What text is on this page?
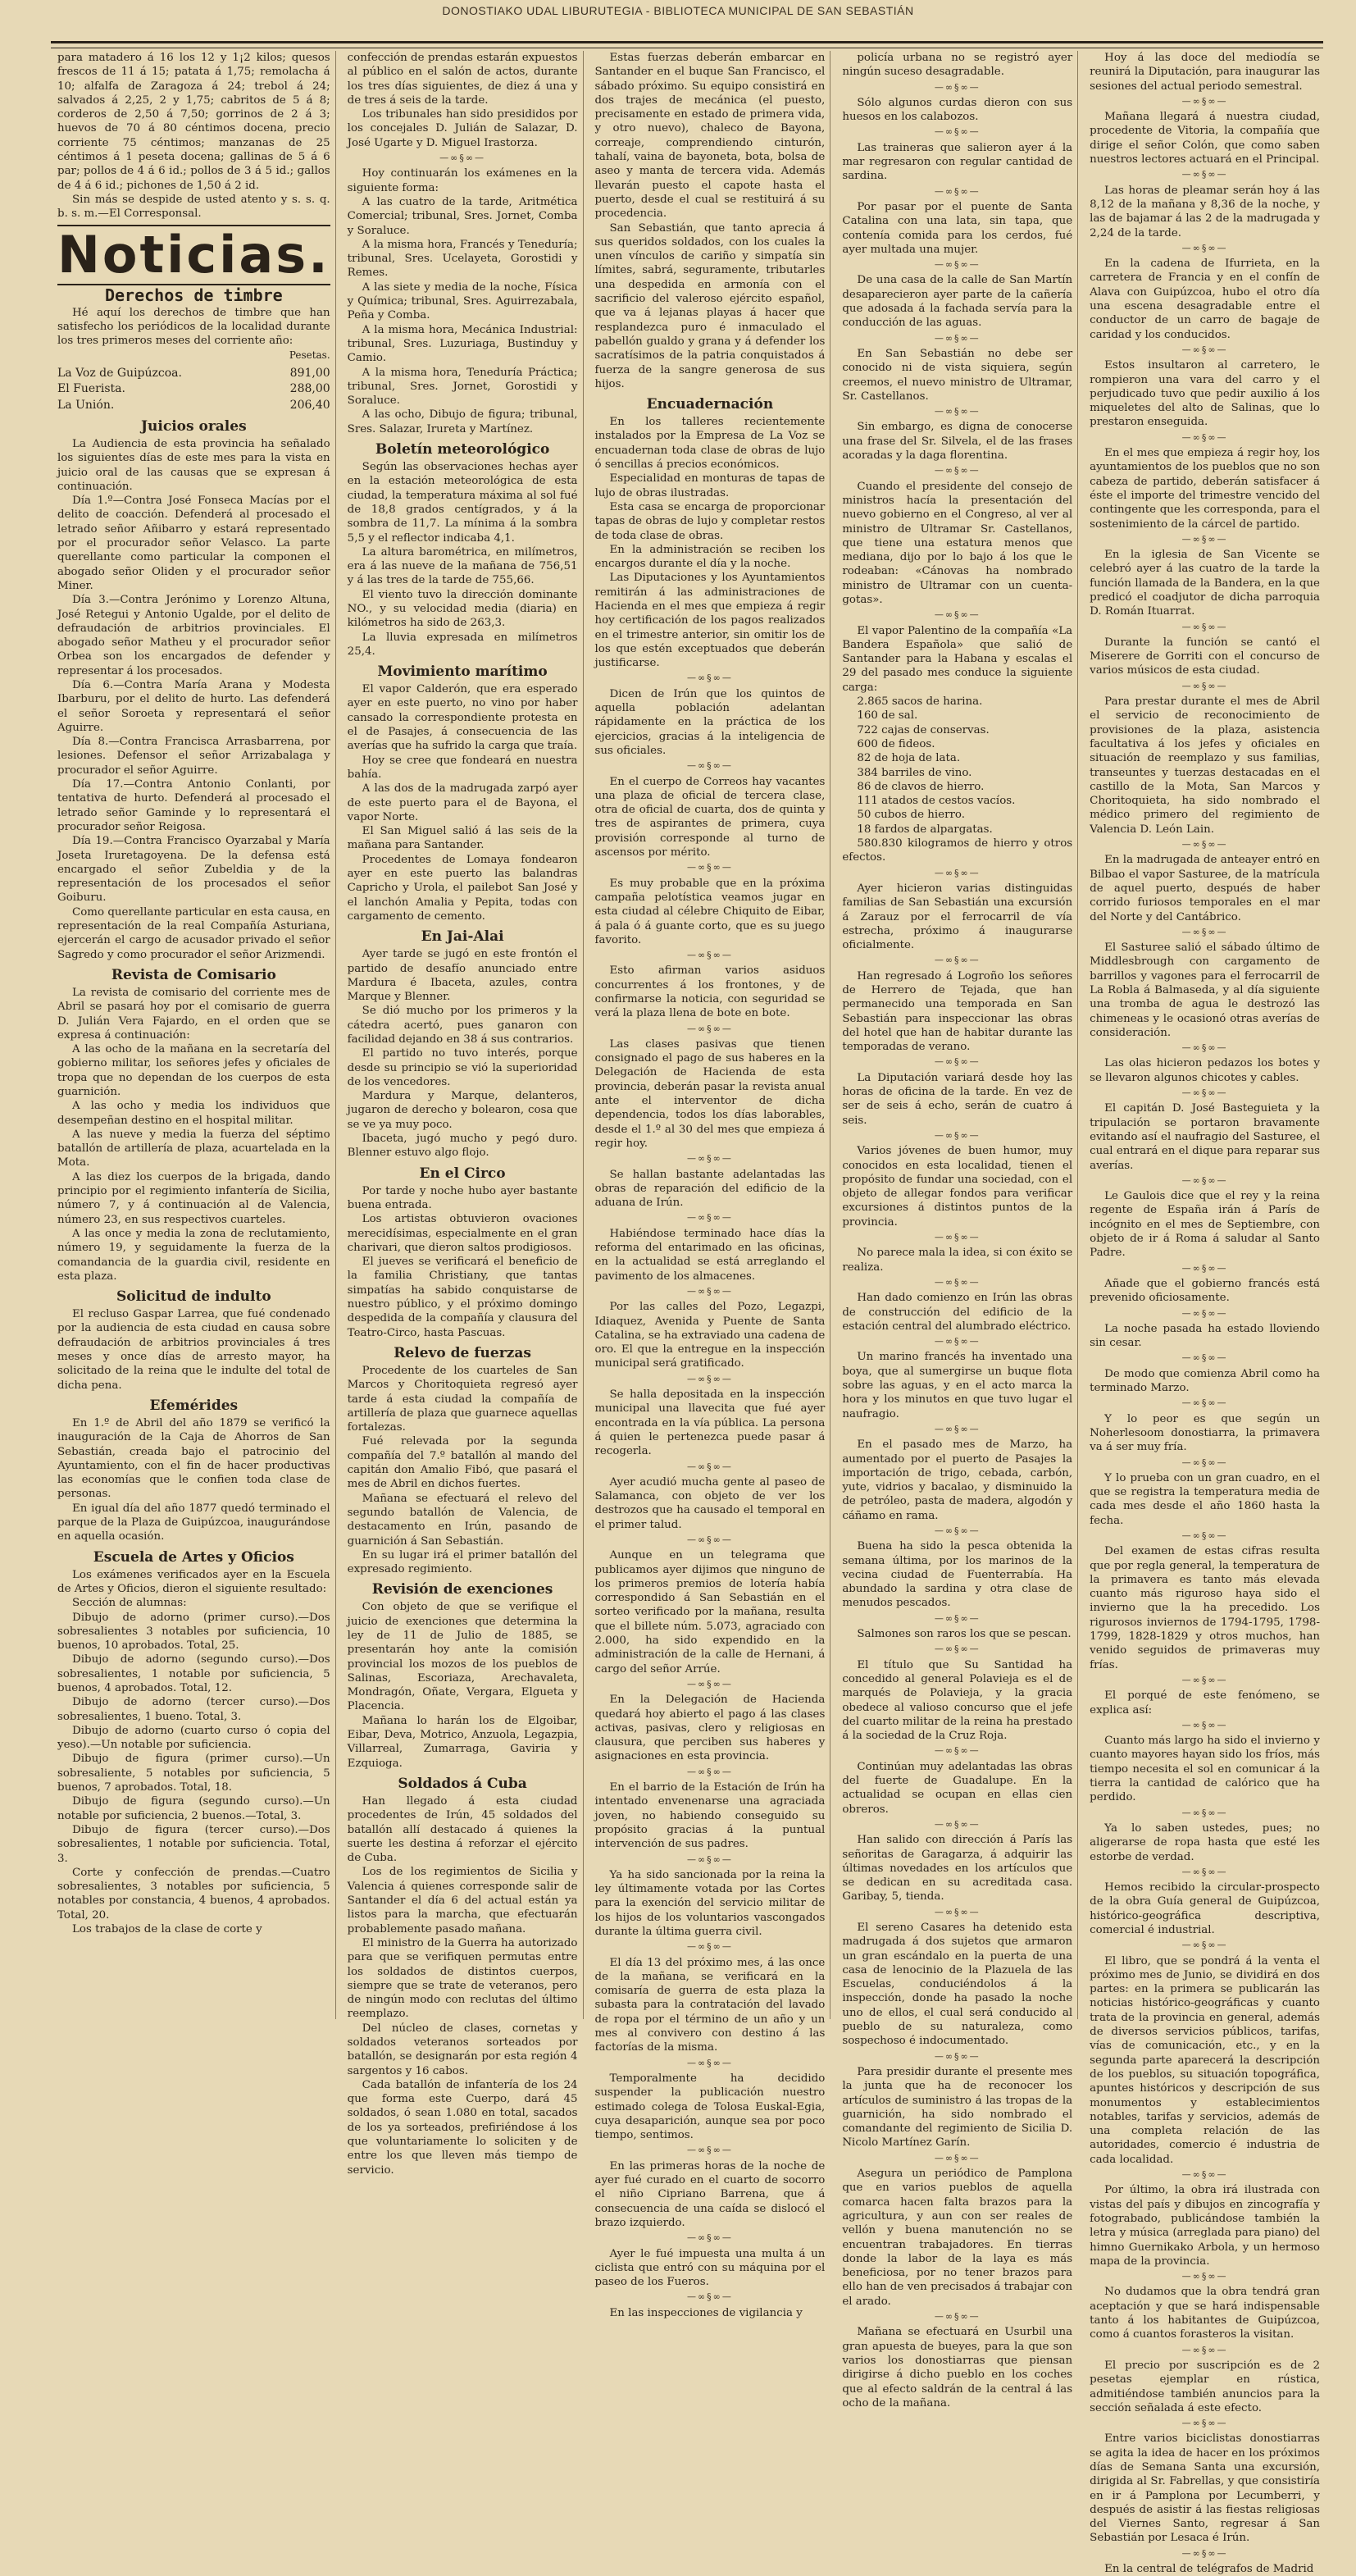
DONOSTIAKO UDAL LIBURUTEGIA - BIBLIOTECA MUNICIPAL DE SAN SEBASTIÁN

para matadero á 16 los 12 y 1¡2 kilos; quesos frescos de 11 á 15; patata á 1,75; remolacha á 10; alfalfa de Zaragoza á 24; trebol á 24; salvados á 2,25, 2 y 1,75; cabritos de 5 á 8; corderos de 2,50 á 7,50; gorrinos de 2 á 3; huevos de 70 á 80 céntimos docena, precio corriente 75 céntimos; manzanas de 25 céntimos á 1 peseta docena; gallinas de 5 á 6 par; pollos de 4 á 6 id.; pollos de 3 á 5 id.; gallos de 4 á 6 id.; pichones de 1,50 á 2 id.

Sin más se despide de usted atento y s. s. q. b. s. m.—El Corresponsal.

Noticias.
Derechos de timbre

Hé aquí los derechos de timbre que han satisfecho los periódicos de la localidad durante los tres primeros meses del corriente año:

Pesetas.
La Voz de Guipúzcoa.	891,00
El Fuerista.	288,00
La Unión.	206,40
Juicios orales

La Audiencia de esta provincia ha señalado los siguientes días de este mes para la vista en juicio oral de las causas que se expresan á continuación.

Día 1.º—Contra José Fonseca Macías por el delito de coacción. Defenderá al procesado el letrado señor Añibarro y estará representado por el procurador señor Velasco. La parte querellante como particular la componen el abogado señor Oliden y el procurador señor Miner.

Día 3.—Contra Jerónimo y Lorenzo Altuna, José Retegui y Antonio Ugalde, por el delito de defraudación de arbitrios provinciales. El abogado señor Matheu y el procurador señor Orbea son los encargados de defender y representar á los procesados.

Día 6.—Contra María Arana y Modesta Ibarburu, por el delito de hurto. Las defenderá el señor Soroeta y representará el señor Aguirre.

Día 8.—Contra Francisca Arrasbarrena, por lesiones. Defensor el señor Arrizabalaga y procurador el señor Aguirre.

Día 17.—Contra Antonio Conlanti, por tentativa de hurto. Defenderá al procesado el letrado señor Gaminde y lo representará el procurador señor Reigosa.

Día 19.—Contra Francisco Oyarzabal y María Joseta Iruretagoyena. De la defensa está encargado el señor Zubeldia y de la representación de los procesados el señor Goiburu.

Como querellante particular en esta causa, en representación de la real Compañía Asturiana, ejercerán el cargo de acusador privado el señor Sagredo y como procurador el señor Arizmendi.

Revista de Comisario

La revista de comisario del corriente mes de Abril se pasará hoy por el comisario de guerra D. Julián Vera Fajardo, en el orden que se expresa á continuación:

A las ocho de la mañana en la secretaría del gobierno militar, los señores jefes y oficiales de tropa que no dependan de los cuerpos de esta guarnición.

A las ocho y media los individuos que desempeñan destino en el hospital militar.

A las nueve y media la fuerza del séptimo batallón de artillería de plaza, acuartelada en la Mota.

A las diez los cuerpos de la brigada, dando principio por el regimiento infantería de Sicilia, número 7, y á continuación al de Valencia, número 23, en sus respectivos cuarteles.

A las once y media la zona de reclutamiento, número 19, y seguidamente la fuerza de la comandancia de la guardia civil, residente en esta plaza.

Solicitud de indulto

El recluso Gaspar Larrea, que fué condenado por la audiencia de esta ciudad en causa sobre defraudación de arbitrios provinciales á tres meses y once días de arresto mayor, ha solicitado de la reina que le indulte del total de dicha pena.

Efemérides

En 1.º de Abril del año 1879 se verificó la inauguración de la Caja de Ahorros de San Sebastián, creada bajo el patrocinio del Ayuntamiento, con el fin de hacer productivas las economías que le confien toda clase de personas.

En igual día del año 1877 quedó terminado el parque de la Plaza de Guipúzcoa, inaugurándose en aquella ocasión.

Escuela de Artes y Oficios

Los exámenes verificados ayer en la Escuela de Artes y Oficios, dieron el siguiente resultado:

Sección de alumnas:

Dibujo de adorno (primer curso).—Dos sobresalientes 3 notables por suficiencia, 10 buenos, 10 aprobados. Total, 25.

Dibujo de adorno (segundo curso).—Dos sobresalientes, 1 notable por suficiencia, 5 buenos, 4 aprobados. Total, 12.

Dibujo de adorno (tercer curso).—Dos sobresalientes, 1 bueno. Total, 3.

Dibujo de adorno (cuarto curso ó copia del yeso).—Un notable por suficiencia.

Dibujo de figura (primer curso).—Un sobresaliente, 5 notables por suficiencia, 5 buenos, 7 aprobados. Total, 18.

Dibujo de figura (segundo curso).—Un notable por suficiencia, 2 buenos.—Total, 3.

Dibujo de figura (tercer curso).—Dos sobresalientes, 1 notable por suficiencia. Total, 3.

Corte y confección de prendas.—Cuatro sobresalientes, 3 notables por suficiencia, 5 notables por constancia, 4 buenos, 4 aprobados. Total, 20.

Los trabajos de la clase de corte y

confección de prendas estarán expuestos al público en el salón de actos, durante los tres días siguientes, de diez á una y de tres á seis de la tarde.

Los tribunales han sido presididos por los concejales D. Julián de Salazar, D. José Ugarte y D. Miguel Irastorza.

—∞§∞—

Hoy continuarán los exámenes en la siguiente forma:

A las cuatro de la tarde, Aritmética Comercial; tribunal, Sres. Jornet, Comba y Soraluce.

A la misma hora, Francés y Teneduría; tribunal, Sres. Ucelayeta, Gorostidi y Remes.

A las siete y media de la noche, Física y Química; tribunal, Sres. Aguirrezabala, Peña y Comba.

A la misma hora, Mecánica Industrial: tribunal, Sres. Luzuriaga, Bustinduy y Camio.

A la misma hora, Teneduría Práctica; tribunal, Sres. Jornet, Gorostidi y Soraluce.

A las ocho, Dibujo de figura; tribunal, Sres. Salazar, Irureta y Martínez.

Boletín meteorológico

Según las observaciones hechas ayer en la estación meteorológica de esta ciudad, la temperatura máxima al sol fué de 18,8 grados centígrados, y á la sombra de 11,7. La mínima á la sombra 5,5 y el reflector indicaba 4,1.

La altura barométrica, en milímetros, era á las nueve de la mañana de 756,51 y á las tres de la tarde de 755,66.

El viento tuvo la dirección dominante NO., y su velocidad media (diaria) en kilómetros ha sido de 263,3.

La lluvia expresada en milímetros 25,4.

Movimiento marítimo

El vapor Calderón, que era esperado ayer en este puerto, no vino por haber cansado la correspondiente protesta en el de Pasajes, á consecuencia de las averías que ha sufrido la carga que traía.

Hoy se cree que fondeará en nuestra bahía.

A las dos de la madrugada zarpó ayer de este puerto para el de Bayona, el vapor Norte.

El San Miguel salió á las seis de la mañana para Santander.

Procedentes de Lomaya fondearon ayer en este puerto las balandras Capricho y Urola, el pailebot San José y el lanchón Amalia y Pepita, todas con cargamento de cemento.

En Jai-Alai

Ayer tarde se jugó en este frontón el partido de desafío anunciado entre Mardura é Ibaceta, azules, contra Marque y Blenner.

Se dió mucho por los primeros y la cátedra acertó, pues ganaron con facilidad dejando en 38 á sus contrarios.

El partido no tuvo interés, porque desde su principio se vió la superioridad de los vencedores.

Mardura y Marque, delanteros, jugaron de derecho y bolearon, cosa que se ve ya muy poco.

Ibaceta, jugó mucho y pegó duro. Blenner estuvo algo flojo.

En el Circo

Por tarde y noche hubo ayer bastante buena entrada.

Los artistas obtuvieron ovaciones merecidísimas, especialmente en el gran charivari, que dieron saltos prodigiosos.

El jueves se verificará el beneficio de la familia Christiany, que tantas simpatías ha sabido conquistarse de nuestro público, y el próximo domingo despedida de la compañía y clausura del Teatro-Circo, hasta Pascuas.

Relevo de fuerzas

Procedente de los cuarteles de San Marcos y Choritoquieta regresó ayer tarde á esta ciudad la compañía de artillería de plaza que guarnece aquellas fortalezas.

Fué relevada por la segunda compañía del 7.º batallón al mando del capitán don Amalio Fibó, que pasará el mes de Abril en dichos fuertes.

Mañana se efectuará el relevo del segundo batallón de Valencia, de destacamento en Irún, pasando de guarnición á San Sebastián.

En su lugar irá el primer batallón del expresado regimiento.

Revisión de exenciones

Con objeto de que se verifique el juicio de exenciones que determina la ley de 11 de Julio de 1885, se presentarán hoy ante la comisión provincial los mozos de los pueblos de Salinas, Escoriaza, Arechavaleta, Mondragón, Oñate, Vergara, Elgueta y Placencia.

Mañana lo harán los de Elgoibar, Eibar, Deva, Motrico, Anzuola, Legazpia, Villarreal, Zumarraga, Gaviria y Ezquioga.

Soldados á Cuba

Han llegado á esta ciudad procedentes de Irún, 45 soldados del batallón allí destacado á quienes la suerte les destina á reforzar el ejército de Cuba.

Los de los regimientos de Sicilia y Valencia á quienes corresponde salir de Santander el día 6 del actual están ya listos para la marcha, que efectuarán probablemente pasado mañana.

El ministro de la Guerra ha autorizado para que se verifiquen permutas entre los soldados de distintos cuerpos, siempre que se trate de veteranos, pero de ningún modo con reclutas del último reemplazo.

Del núcleo de clases, cornetas y soldados veteranos sorteados por batallón, se designarán por esta región 4 sargentos y 16 cabos.

Cada batallón de infantería de los 24 que forma este Cuerpo, dará 45 soldados, ó sean 1.080 en total, sacados de los ya sorteados, prefiriéndose á los que voluntariamente lo soliciten y de entre los que lleven más tiempo de servicio.

Estas fuerzas deberán embarcar en Santander en el buque San Francisco, el sábado próximo. Su equipo consistirá en dos trajes de mecánica (el puesto, precisamente en estado de primera vida, y otro nuevo), chaleco de Bayona, correaje, comprendiendo cinturón, tahalí, vaina de bayoneta, bota, bolsa de aseo y manta de tercera vida. Además llevarán puesto el capote hasta el puerto, desde el cual se restituirá á su procedencia.

San Sebastián, que tanto aprecia á sus queridos soldados, con los cuales la unen vínculos de cariño y simpatía sin límites, sabrá, seguramente, tributarles una despedida en armonía con el sacrificio del valeroso ejército español, que va á lejanas playas á hacer que resplandezca puro é inmaculado el pabellón gualdo y grana y á defender los sacratísimos de la patria conquistados á fuerza de la sangre generosa de sus hijos.

Encuadernación

En los talleres recientemente instalados por la Empresa de La Voz se encuadernan toda clase de obras de lujo ó sencillas á precios económicos.

Especialidad en monturas de tapas de lujo de obras ilustradas.

Esta casa se encarga de proporcionar tapas de obras de lujo y completar restos de toda clase de obras.

En la administración se reciben los encargos durante el día y la noche.

Las Diputaciones y los Ayuntamientos remitirán á las administraciones de Hacienda en el mes que empieza á regir hoy certificación de los pagos realizados en el trimestre anterior, sin omitir los de los que estén exceptuados que deberán justificarse.

—∞§∞—

Dicen de Irún que los quintos de aquella población adelantan rápidamente en la práctica de los ejercicios, gracias á la inteligencia de sus oficiales.

—∞§∞—

En el cuerpo de Correos hay vacantes una plaza de oficial de tercera clase, otra de oficial de cuarta, dos de quinta y tres de aspirantes de primera, cuya provisión corresponde al turno de ascensos por mérito.

—∞§∞—

Es muy probable que en la próxima campaña pelotística veamos jugar en esta ciudad al célebre Chiquito de Eibar, á pala ó á guante corto, que es su juego favorito.

—∞§∞—

Esto afirman varios asiduos concurrentes á los frontones, y de confirmarse la noticia, con seguridad se verá la plaza llena de bote en bote.

—∞§∞—

Las clases pasivas que tienen consignado el pago de sus haberes en la Delegación de Hacienda de esta provincia, deberán pasar la revista anual ante el interventor de dicha dependencia, todos los días laborables, desde el 1.º al 30 del mes que empieza á regir hoy.

—∞§∞—

Se hallan bastante adelantadas las obras de reparación del edificio de la aduana de Irún.

—∞§∞—

Habiéndose terminado hace días la reforma del entarimado en las oficinas, en la actualidad se está arreglando el pavimento de los almacenes.

—∞§∞—

Por las calles del Pozo, Legazpi, Idiaquez, Avenida y Puente de Santa Catalina, se ha extraviado una cadena de oro. El que la entregue en la inspección municipal será gratificado.

—∞§∞—

Se halla depositada en la inspección municipal una llavecita que fué ayer encontrada en la vía pública. La persona á quien le pertenezca puede pasar á recogerla.

—∞§∞—

Ayer acudió mucha gente al paseo de Salamanca, con objeto de ver los destrozos que ha causado el temporal en el primer talud.

—∞§∞—

Aunque en un telegrama que publicamos ayer dijimos que ninguno de los primeros premios de lotería había correspondido á San Sebastián en el sorteo verificado por la mañana, resulta que el billete núm. 5.073, agraciado con 2.000, ha sido expendido en la administración de la calle de Hernani, á cargo del señor Arrúe.

—∞§∞—

En la Delegación de Hacienda quedará hoy abierto el pago á las clases activas, pasivas, clero y religiosas en clausura, que perciben sus haberes y asignaciones en esta provincia.

—∞§∞—

En el barrio de la Estación de Irún ha intentado envenenarse una agraciada joven, no habiendo conseguido su propósito gracias á la puntual intervención de sus padres.

—∞§∞—

Ya ha sido sancionada por la reina la ley últimamente votada por las Cortes para la exención del servicio militar de los hijos de los voluntarios vascongados durante la última guerra civil.

—∞§∞—

El día 13 del próximo mes, á las once de la mañana, se verificará en la comisaría de guerra de esta plaza la subasta para la contratación del lavado de ropa por el término de un año y un mes al convivero con destino á las factorías de la misma.

—∞§∞—

Temporalmente ha decidido suspender la publicación nuestro estimado colega de Tolosa Euskal-Egia, cuya desaparición, aunque sea por poco tiempo, sentimos.

—∞§∞—

En las primeras horas de la noche de ayer fué curado en el cuarto de socorro el niño Cipriano Barrena, que á consecuencia de una caída se dislocó el brazo izquierdo.

—∞§∞—

Ayer le fué impuesta una multa á un ciclista que entró con su máquina por el paseo de los Fueros.

—∞§∞—

En las inspecciones de vigilancia y

policía urbana no se registró ayer ningún suceso desagradable.

—∞§∞—

Sólo algunos curdas dieron con sus huesos en los calabozos.

—∞§∞—

Las traineras que salieron ayer á la mar regresaron con regular cantidad de sardina.

—∞§∞—

Por pasar por el puente de Santa Catalina con una lata, sin tapa, que contenía comida para los cerdos, fué ayer multada una mujer.

—∞§∞—

De una casa de la calle de San Martín desaparecieron ayer parte de la cañería que adosada á la fachada servía para la conducción de las aguas.

—∞§∞—

En San Sebastián no debe ser conocido ni de vista siquiera, según creemos, el nuevo ministro de Ultramar, Sr. Castellanos.

—∞§∞—

Sin embargo, es digna de conocerse una frase del Sr. Silvela, el de las frases acoradas y la daga florentina.

—∞§∞—

Cuando el presidente del consejo de ministros hacía la presentación del nuevo gobierno en el Congreso, al ver al ministro de Ultramar Sr. Castellanos, que tiene una estatura menos que mediana, dijo por lo bajo á los que le rodeaban: «Cánovas ha nombrado ministro de Ultramar con un cuenta-gotas».

—∞§∞—

El vapor Palentino de la compañía «La Bandera Española» que salió de Santander para la Habana y escalas el 29 del pasado mes conduce la siguiente carga:

2.865 sacos de harina.

160 de sal.

722 cajas de conservas.

600 de fideos.

82 de hoja de lata.

384 barriles de vino.

86 de clavos de hierro.

111 atados de cestos vacíos.

50 cubos de hierro.

18 fardos de alpargatas.

580.830 kilogramos de hierro y otros efectos.

—∞§∞—

Ayer hicieron varias distinguidas familias de San Sebastián una excursión á Zarauz por el ferrocarril de vía estrecha, próximo á inaugurarse oficialmente.

—∞§∞—

Han regresado á Logroño los señores de Herrero de Tejada, que han permanecido una temporada en San Sebastián para inspeccionar las obras del hotel que han de habitar durante las temporadas de verano.

—∞§∞—

La Diputación variará desde hoy las horas de oficina de la tarde. En vez de ser de seis á echo, serán de cuatro á seis.

—∞§∞—

Varios jóvenes de buen humor, muy conocidos en esta localidad, tienen el propósito de fundar una sociedad, con el objeto de allegar fondos para verificar excursiones á distintos puntos de la provincia.

—∞§∞—

No parece mala la idea, si con éxito se realiza.

—∞§∞—

Han dado comienzo en Irún las obras de construcción del edificio de la estación central del alumbrado eléctrico.

—∞§∞—

Un marino francés ha inventado una boya, que al sumergirse un buque flota sobre las aguas, y en el acto marca la hora y los minutos en que tuvo lugar el naufragio.

—∞§∞—

En el pasado mes de Marzo, ha aumentado por el puerto de Pasajes la importación de trigo, cebada, carbón, yute, vidrios y bacalao, y disminuido la de petróleo, pasta de madera, algodón y cáñamo en rama.

—∞§∞—

Buena ha sido la pesca obtenida la semana última, por los marinos de la vecina ciudad de Fuenterrabía. Ha abundado la sardina y otra clase de menudos pescados.

—∞§∞—

Salmones son raros los que se pescan.

—∞§∞—

El título que Su Santidad ha concedido al general Polavieja es el de marqués de Polavieja, y la gracia obedece al valioso concurso que el jefe del cuarto militar de la reina ha prestado á la sociedad de la Cruz Roja.

—∞§∞—

Continúan muy adelantadas las obras del fuerte de Guadalupe. En la actualidad se ocupan en ellas cien obreros.

—∞§∞—

Han salido con dirección á París las señoritas de Garagarza, á adquirir las últimas novedades en los artículos que se dedican en su acreditada casa. Garibay, 5, tienda.

—∞§∞—

El sereno Casares ha detenido esta madrugada á dos sujetos que armaron un gran escándalo en la puerta de una casa de lenocinio de la Plazuela de las Escuelas, conduciéndolos á la inspección, donde ha pasado la noche uno de ellos, el cual será conducido al pueblo de su naturaleza, como sospechoso é indocumentado.

—∞§∞—

Para presidir durante el presente mes la junta que ha de reconocer los artículos de suministro á las tropas de la guarnición, ha sido nombrado el comandante del regimiento de Sicilia D. Nicolo Martínez Garín.

—∞§∞—

Asegura un periódico de Pamplona que en varios pueblos de aquella comarca hacen falta brazos para la agricultura, y aun con ser reales de vellón y buena manutención no se encuentran trabajadores. En tierras donde la labor de la laya es más beneficiosa, por no tener brazos para ello han de ven precisados á trabajar con el arado.

—∞§∞—

Mañana se efectuará en Usurbil una gran apuesta de bueyes, para la que son varios los donostiarras que piensan dirigirse á dicho pueblo en los coches que al efecto saldrán de la central á las ocho de la mañana.

Hoy á las doce del mediodía se reunirá la Diputación, para inaugurar las sesiones del actual periodo semestral.

—∞§∞—

Mañana llegará á nuestra ciudad, procedente de Vitoria, la compañía que dirige el señor Colón, que como saben nuestros lectores actuará en el Principal.

—∞§∞—

Las horas de pleamar serán hoy á las 8,12 de la mañana y 8,36 de la noche, y las de bajamar á las 2 de la madrugada y 2,24 de la tarde.

—∞§∞—

En la cadena de Ifurrieta, en la carretera de Francia y en el confín de Alava con Guipúzcoa, hubo el otro día una escena desagradable entre el conductor de un carro de bagaje de caridad y los conducidos.

—∞§∞—

Estos insultaron al carretero, le rompieron una vara del carro y el perjudicado tuvo que pedir auxilio á los miqueletes del alto de Salinas, que lo prestaron enseguida.

—∞§∞—

En el mes que empieza á regir hoy, los ayuntamientos de los pueblos que no son cabeza de partido, deberán satisfacer á éste el importe del trimestre vencido del contingente que les corresponda, para el sostenimiento de la cárcel de partido.

—∞§∞—

En la iglesia de San Vicente se celebró ayer á las cuatro de la tarde la función llamada de la Bandera, en la que predicó el coadjutor de dicha parroquia D. Román Ituarrat.

—∞§∞—

Durante la función se cantó el Miserere de Gorriti con el concurso de varios músicos de esta ciudad.

—∞§∞—

Para prestar durante el mes de Abril el servicio de reconocimiento de provisiones de la plaza, asistencia facultativa á los jefes y oficiales en situación de reemplazo y sus familias, transeuntes y tuerzas destacadas en el castillo de la Mota, San Marcos y Choritoquieta, ha sido nombrado el médico primero del regimiento de Valencia D. León Lain.

—∞§∞—

En la madrugada de anteayer entró en Bilbao el vapor Sasturee, de la matrícula de aquel puerto, después de haber corrido furiosos temporales en el mar del Norte y del Cantábrico.

—∞§∞—

El Sasturee salió el sábado último de Middlesbrough con cargamento de barrillos y vagones para el ferrocarril de La Robla á Balmaseda, y al día siguiente una tromba de agua le destrozó las chimeneas y le ocasionó otras averías de consideración.

—∞§∞—

Las olas hicieron pedazos los botes y se llevaron algunos chicotes y cables.

—∞§∞—

El capitán D. José Basteguieta y la tripulación se portaron bravamente evitando así el naufragio del Sasturee, el cual entrará en el dique para reparar sus averías.

—∞§∞—

Le Gaulois dice que el rey y la reina regente de España irán á París de incógnito en el mes de Septiembre, con objeto de ir á Roma á saludar al Santo Padre.

—∞§∞—

Añade que el gobierno francés está prevenido oficiosamente.

—∞§∞—

La noche pasada ha estado lloviendo sin cesar.

—∞§∞—

De modo que comienza Abril como ha terminado Marzo.

—∞§∞—

Y lo peor es que según un Noherlesoom donostiarra, la primavera va á ser muy fría.

—∞§∞—

Y lo prueba con un gran cuadro, en el que se registra la temperatura media de cada mes desde el año 1860 hasta la fecha.

—∞§∞—

Del examen de estas cifras resulta que por regla general, la temperatura de la primavera es tanto más elevada cuanto más riguroso haya sido el invierno que la ha precedido. Los rigurosos inviernos de 1794-1795, 1798-1799, 1828-1829 y otros muchos, han venido seguidos de primaveras muy frías.

—∞§∞—

El porqué de este fenómeno, se explica así:

—∞§∞—

Cuanto más largo ha sido el invierno y cuanto mayores hayan sido los fríos, más tiempo necesita el sol en comunicar á la tierra la cantidad de calórico que ha perdido.

—∞§∞—

Ya lo saben ustedes, pues; no aligerarse de ropa hasta que esté les estorbe de verdad.

—∞§∞—

Hemos recibido la circular-prospecto de la obra Guía general de Guipúzcoa, histórico-geográfica descriptiva, comercial é industrial.

—∞§∞—

El libro, que se pondrá á la venta el próximo mes de Junio, se dividirá en dos partes: en la primera se publicarán las noticias histórico-geográficas y cuanto trata de la provincia en general, además de diversos servicios públicos, tarifas, vías de comunicación, etc., y en la segunda parte aparecerá la descripción de los pueblos, su situación topográfica, apuntes históricos y descripción de sus monumentos y establecimientos notables, tarifas y servicios, además de una completa relación de las autoridades, comercio é industria de cada localidad.

—∞§∞—

Por último, la obra irá ilustrada con vistas del país y dibujos en zincografía y fotograbado, publicándose también la letra y música (arreglada para piano) del himno Guernikako Arbola, y un hermoso mapa de la provincia.

—∞§∞—

No dudamos que la obra tendrá gran aceptación y que se hará indispensable tanto á los habitantes de Guipúzcoa, como á cuantos forasteros la visitan.

—∞§∞—

El precio por suscripción es de 2 pesetas ejemplar en rústica, admitiéndose también anuncios para la sección señalada á este efecto.

—∞§∞—

Entre varios biciclistas donostiarras se agita la idea de hacer en los próximos días de Semana Santa una excursión, dirigida al Sr. Fabrellas, y que consistiría en ir á Pamplona por Lecumberri, y después de asistir á las fiestas religiosas del Viernes Santo, regresar á San Sebastián por Lesaca é Irún.

—∞§∞—

En la central de telégrafos de Madrid
